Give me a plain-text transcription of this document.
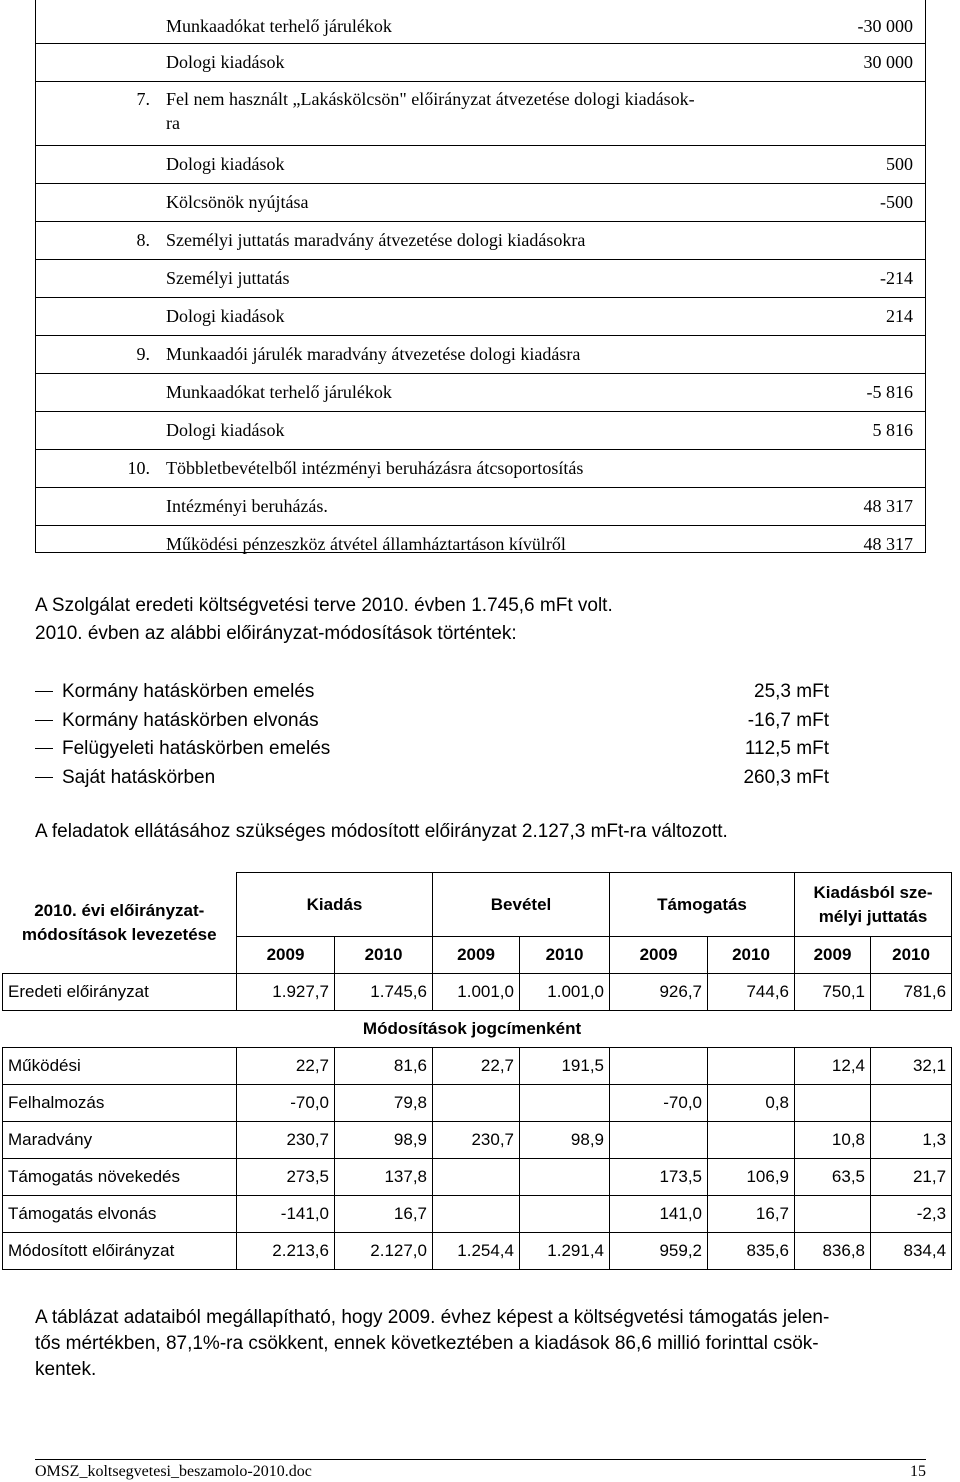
Munkaadókat terhelő járulékok	-30 000
Dologi kiadások	30 000
7. Fel nem használt „Lakáskölcsön" előirányzat átvezetése dologi kiadások-
ra
Dologi kiadások	500
Kölcsönök nyújtása	-500
8. Személyi juttatás maradvány átvezetése dologi kiadásokra
Személyi juttatás	-214
Dologi kiadások	214
9. Munkaadói járulék maradvány átvezetése dologi kiadásra
Munkaadókat terhelő járulékok	-5 816
Dologi kiadások	5 816
10. Többletbevételből intézményi beruházásra átcsoportosítás
Intézményi beruházás.	48 317
Működési pénzeszköz átvétel államháztartáson kívülről	48 317

A Szolgálat eredeti költségvetési terve 2010. évben 1.745,6 mFt volt.

2010. évben az alábbi előirányzat-módosítások történtek:

Kormány hatáskörben emelés	25,3 mFt
Kormány hatáskörben elvonás	-16,7 mFt
Felügyeleti hatáskörben emelés	112,5 mFt
Saját hatáskörben	260,3 mFt

A feladatok ellátásához szükséges módosított előirányzat 2.127,3 mFt-ra változott.

2010. évi előirányzat-
módosítások levezetése	Kiadás		Bevétel		Támogatás		Kiadásból sze-
mélyi juttatás	
	2009	2010	2009	2010	2009	2010	2009	2010
Eredeti előirányzat	1.927,7	1.745,6	1.001,0	1.001,0	926,7	744,6	750,1	781,6
	Módosítások jogcímenként							
Működési	22,7	81,6	22,7	191,5			12,4	32,1
Felhalmozás	-70,0	79,8			-70,0	0,8		
Maradvány	230,7	98,9	230,7	98,9			10,8	1,3
Támogatás növekedés	273,5	137,8			173,5	106,9	63,5	21,7
Támogatás elvonás	-141,0	16,7			141,0	16,7		-2,3
Módosított előirányzat	2.213,6	2.127,0	1.254,4	1.291,4	959,2	835,6	836,8	834,4

A táblázat adataiból megállapítható, hogy 2009. évhez képest a költségvetési támogatás jelen-

tős mértékben, 87,1%-ra csökkent, ennek következtében a kiadások 86,6 millió forinttal csök-

kentek.

OMSZ_koltsegvetesi_beszamolo-2010.doc	15
